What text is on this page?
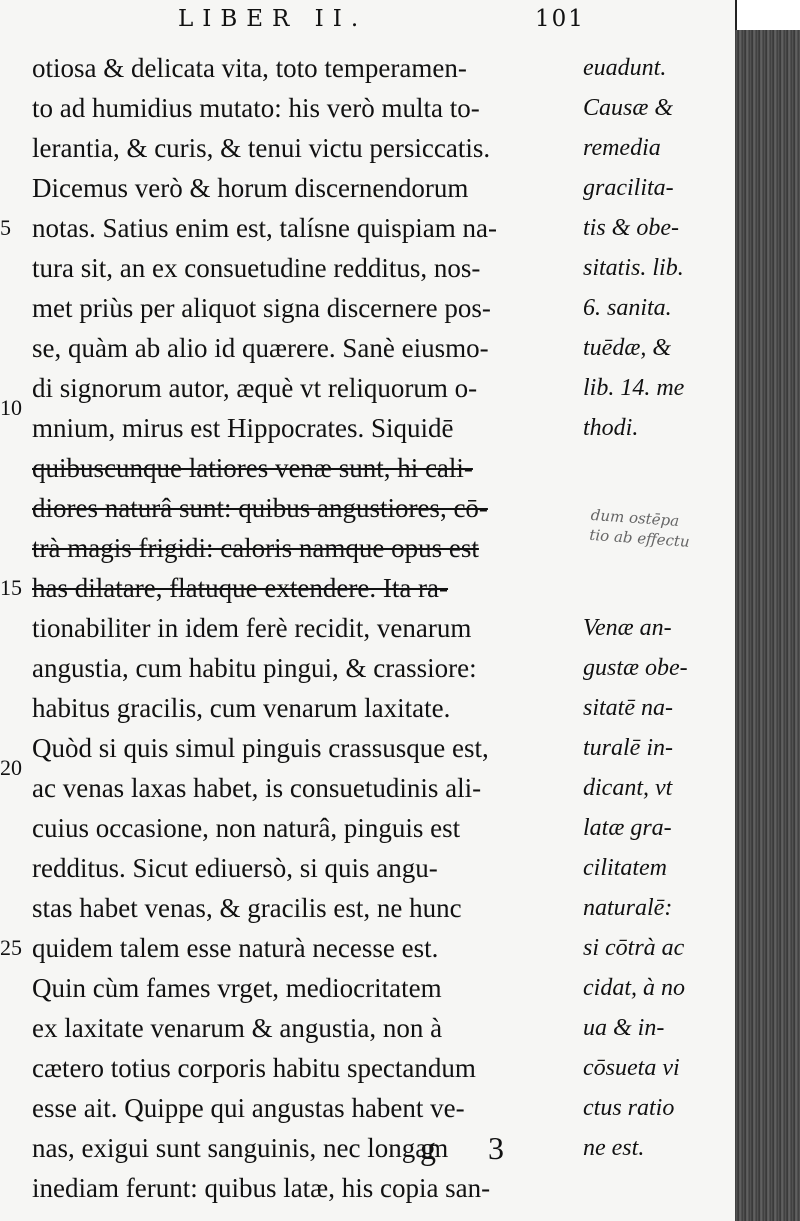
LIBER II.	101
otiosa & delicata vita, toto temperamen-
to ad humidius mutato: his verò multa to-
lerantia, & curis, & tenui victu persiccatis.
Dicemus verò & horum discernendorum
notas. Satius enim est, talísne quispiam na-
tura sit, an ex consuetudine redditus, nos-
met priùs per aliquot signa discernere pos-
se, quàm ab alio id quærere. Sanè eiusmo-
di signorum autor, æquè vt reliquorum o-
mnium, mirus est Hippocrates. Siquidē
quibuscunque latiores venæ sunt, hi cali-
diores naturâ sunt: quibus angustiores, cō-
trà magis frigidi: caloris namque opus est
has dilatare, flatuque extendere. Ita ra-
tionabiliter in idem ferè recidit, venarum
angustia, cum habitu pingui, & crassiore:
habitus gracilis, cum venarum laxitate.
Quòd si quis simul pinguis crassusque est,
ac venas laxas habet, is consuetudinis ali-
cuius occasione, non naturâ, pinguis est
redditus. Sicut ediuersò, si quis angu-
stas habet venas, & gracilis est, ne hunc
quidem talem esse naturà necesse est.
Quin cùm fames vrget, mediocritatem
ex laxitate venarum & angustia, non à
cætero totius corporis habitu spectandum
esse ait. Quippe qui angustas habent ve-
nas, exigui sunt sanguinis, nec longam
inediam ferunt: quibus latæ, his copia san-
5
10
15
20
25
euadunt.
Causæ &
remedia
gracilita-
tis & obe-
sitatis. lib.
6. sanita.
tuēdæ, &
lib. 14. me
thodi.
Venæ an-
gustæ obe-
sitatē na-
turalē in-
dicant, vt
latæ gra-
cilitatem
naturalē:
si cōtrà ac
cidat, à no
ua & in-
cōsueta vi
ctus ratio
ne est.
dum ostēpa
tio ab effectu
g 3
